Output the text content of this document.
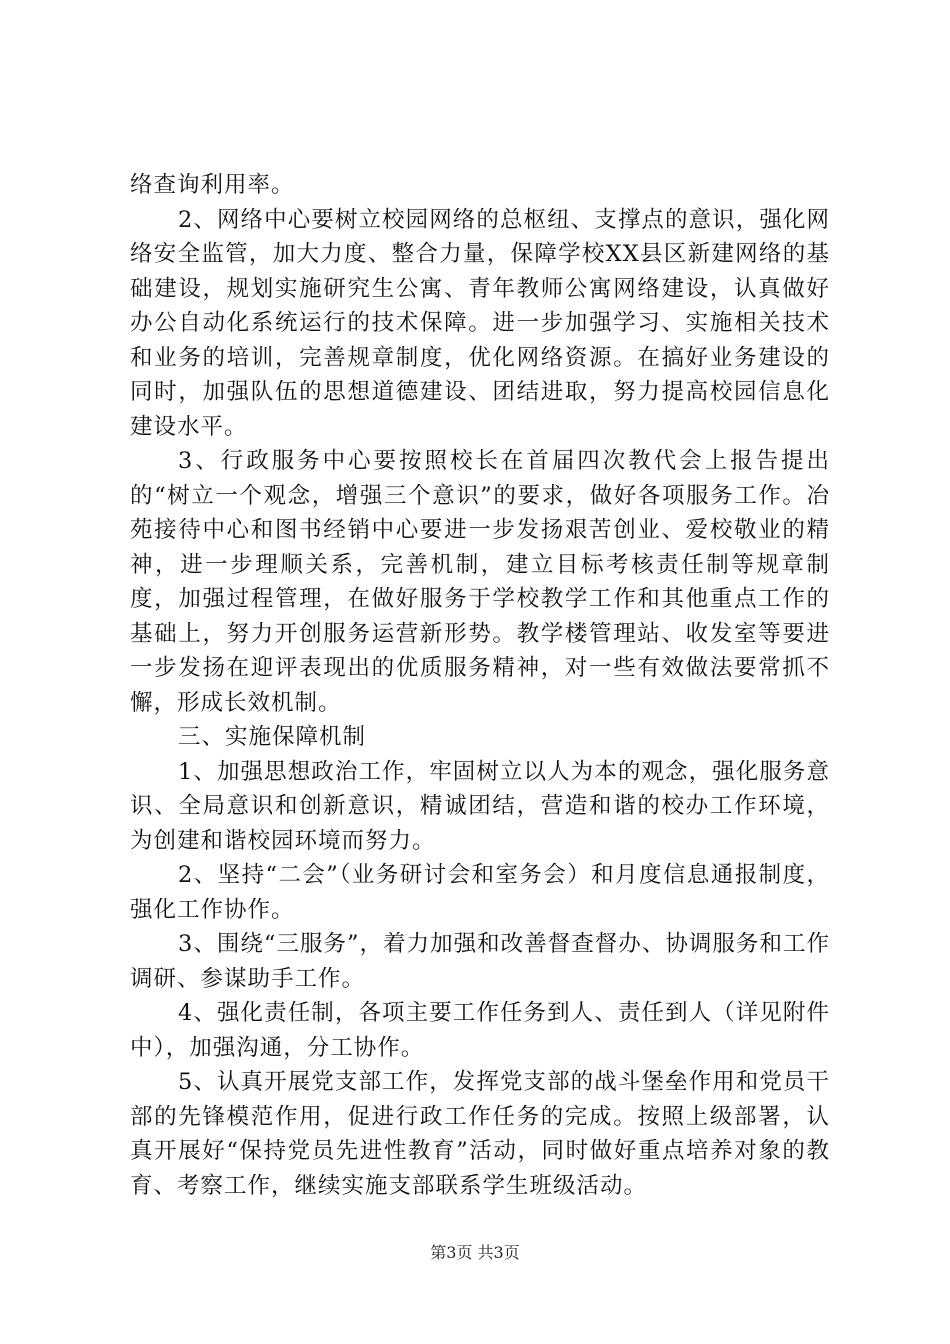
络查询利用率。

2、网络中心要树立校园网络的总枢纽、支撑点的意识，强化网络安全监管，加大力度、整合力量，保障学校XX县区新建网络的基础建设，规划实施研究生公寓、青年教师公寓网络建设，认真做好办公自动化系统运行的技术保障。进一步加强学习、实施相关技术和业务的培训，完善规章制度，优化网络资源。在搞好业务建设的同时，加强队伍的思想道德建设、团结进取，努力提高校园信息化建设水平。

3、行政服务中心要按照校长在首届四次教代会上报告提出的“树立一个观念，增强三个意识”的要求，做好各项服务工作。冶苑接待中心和图书经销中心要进一步发扬艰苦创业、爱校敬业的精神，进一步理顺关系，完善机制，建立目标考核责任制等规章制度，加强过程管理，在做好服务于学校教学工作和其他重点工作的基础上，努力开创服务运营新形势。教学楼管理站、收发室等要进一步发扬在迎评表现出的优质服务精神，对一些有效做法要常抓不懈，形成长效机制。

三、实施保障机制

1、加强思想政治工作，牢固树立以人为本的观念，强化服务意识、全局意识和创新意识，精诚团结，营造和谐的校办工作环境，为创建和谐校园环境而努力。

2、坚持“二会”（业务研讨会和室务会）和月度信息通报制度，强化工作协作。

3、围绕“三服务”，着力加强和改善督查督办、协调服务和工作调研、参谋助手工作。

4、强化责任制，各项主要工作任务到人、责任到人（详见附件中），加强沟通，分工协作。

5、认真开展党支部工作，发挥党支部的战斗堡垒作用和党员干部的先锋模范作用，促进行政工作任务的完成。按照上级部署，认真开展好“保持党员先进性教育”活动，同时做好重点培养对象的教育、考察工作，继续实施支部联系学生班级活动。

第3页 共3页
